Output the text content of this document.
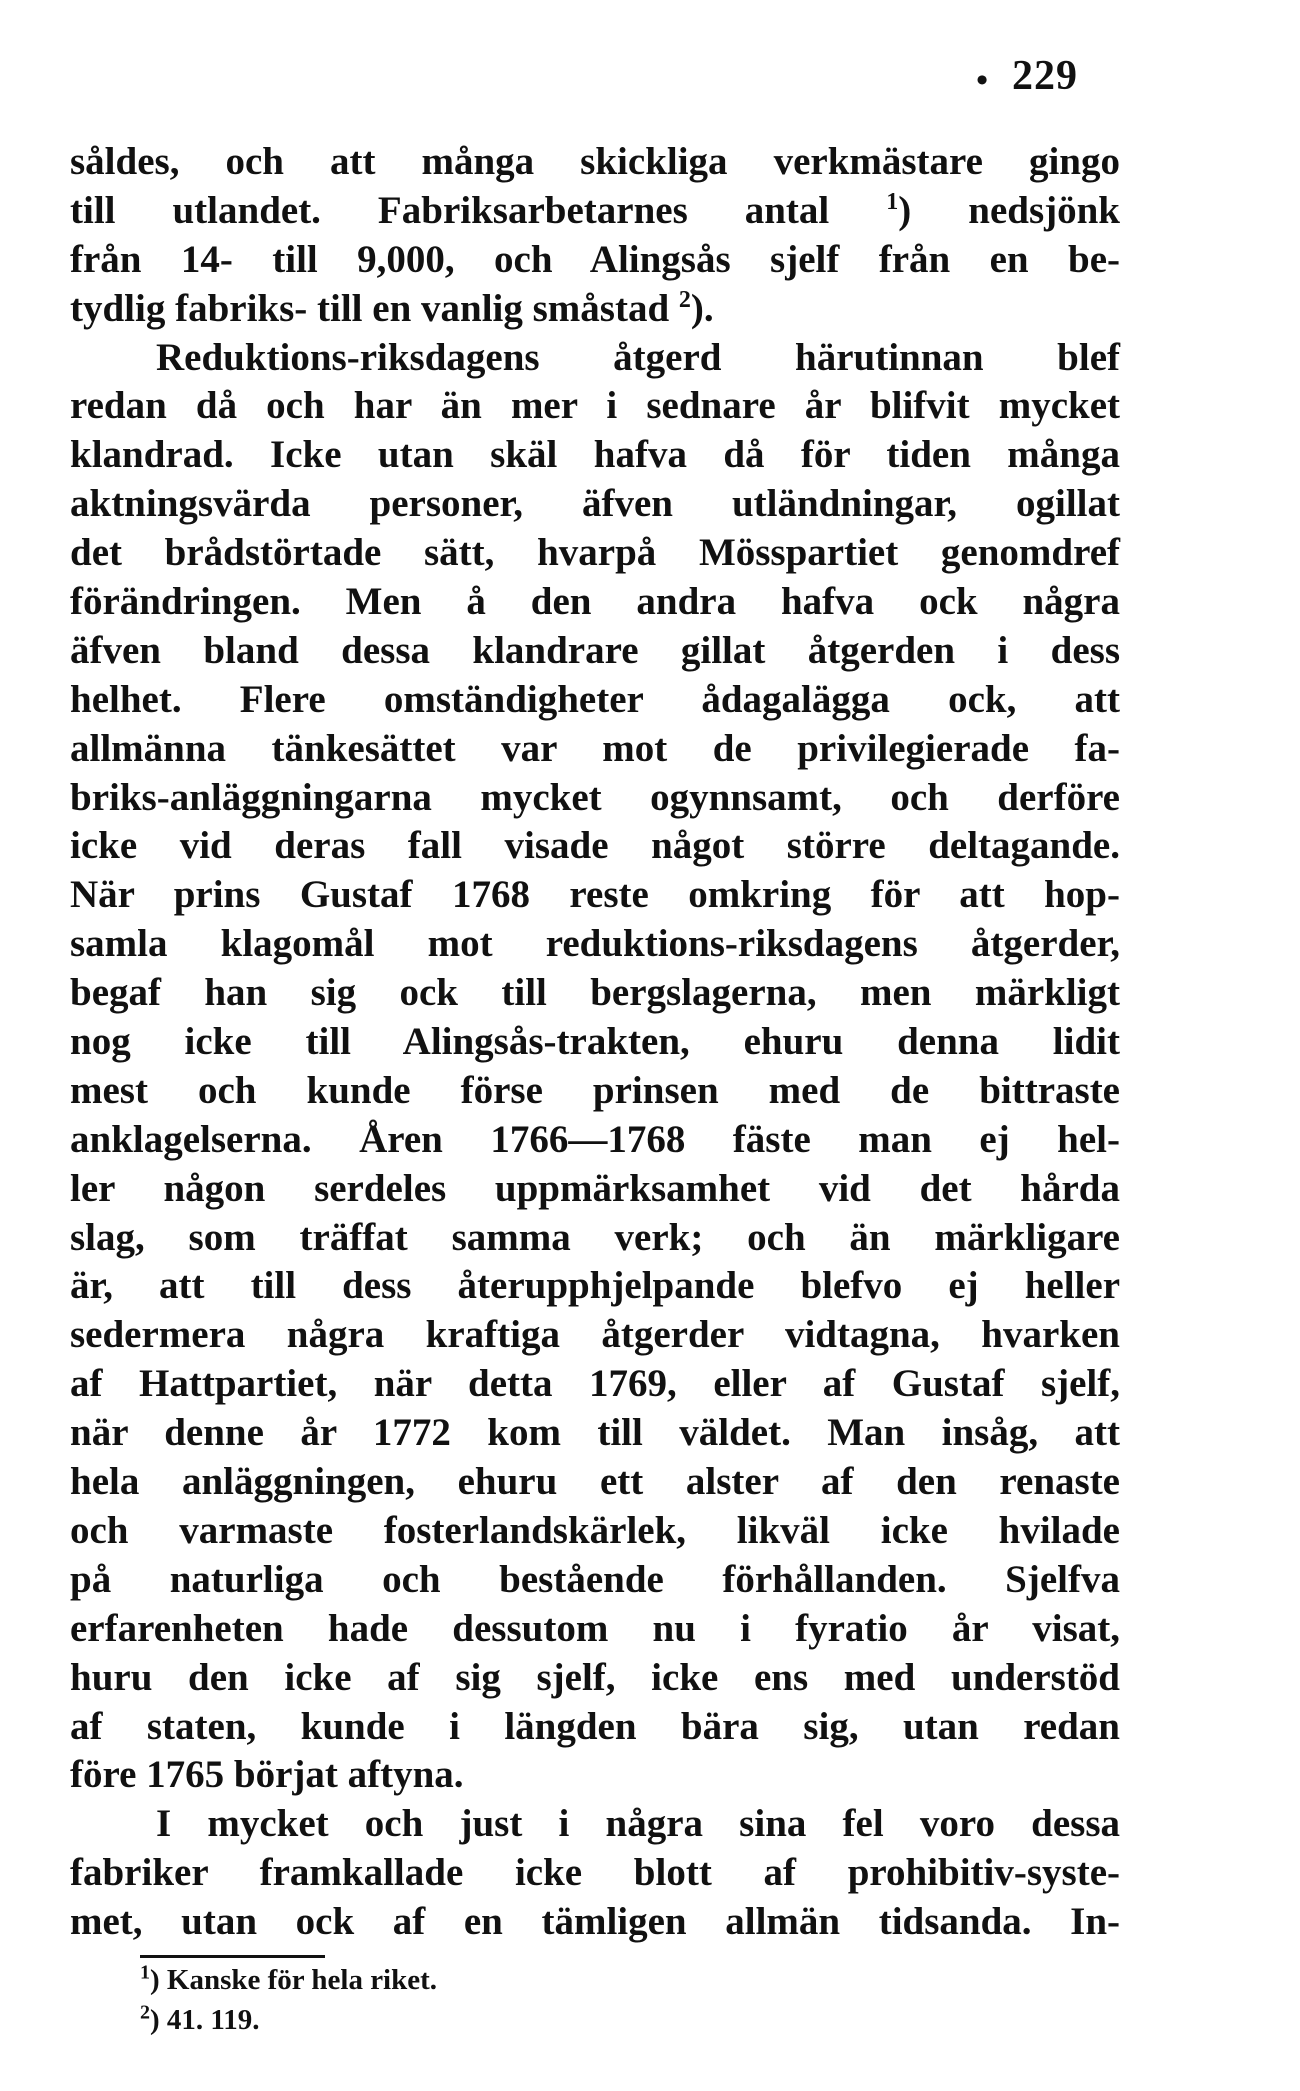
• 229
såldes, och att många skickliga verkmästare gingo
till utlandet. Fabriksarbetarnes antal $^1$) nedsjönk
från 14- till 9,000, och Alingsås sjelf från en be-
tydlig fabriks- till en vanlig småstad $^2$).
Reduktions-riksdagens åtgerd härutinnan blef
redan då och har än mer i sednare år blifvit mycket
klandrad. Icke utan skäl hafva då för tiden många
aktningsvärda personer, äfven utländningar, ogillat
det brådstörtade sätt, hvarpå Mösspartiet genomdref
förändringen. Men å den andra hafva ock några
äfven bland dessa klandrare gillat åtgerden i dess
helhet. Flere omständigheter ådagalägga ock, att
allmänna tänkesättet var mot de privilegierade fa-
briks-anläggningarna mycket ogynnsamt, och derföre
icke vid deras fall visade något större deltagande.
När prins Gustaf 1768 reste omkring för att hop-
samla klagomål mot reduktions-riksdagens åtgerder,
begaf han sig ock till bergslagerna, men märkligt
nog icke till Alingsås-trakten, ehuru denna lidit
mest och kunde förse prinsen med de bittraste
anklagelserna. Åren 1766—1768 fäste man ej hel-
ler någon serdeles uppmärksamhet vid det hårda
slag, som träffat samma verk; och än märkligare
är, att till dess återupphjelpande blefvo ej heller
sedermera några kraftiga åtgerder vidtagna, hvarken
af Hattpartiet, när detta 1769, eller af Gustaf sjelf,
när denne år 1772 kom till väldet. Man insåg, att
hela anläggningen, ehuru ett alster af den renaste
och varmaste fosterlandskärlek, likväl icke hvilade
på naturliga och bestående förhållanden. Sjelfva
erfarenheten hade dessutom nu i fyratio år visat,
huru den icke af sig sjelf, icke ens med understöd
af staten, kunde i längden bära sig, utan redan
före 1765 börjat aftyna.
I mycket och just i några sina fel voro dessa
fabriker framkallade icke blott af prohibitiv-syste-
met, utan ock af en tämligen allmän tidsanda. In-
$^1$) Kanske för hela riket.
$^2$) 41. 119.
